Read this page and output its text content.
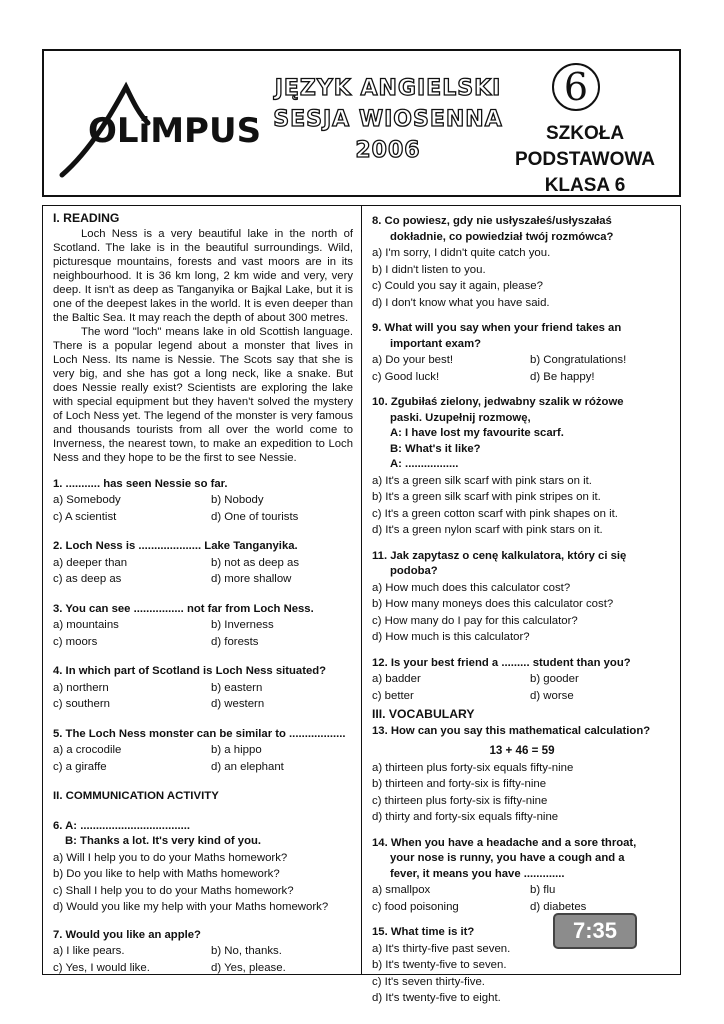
OLiMPUS
JĘZYK ANGIELSKI
SESJA WIOSENNA
2006
6
SZKOŁA
PODSTAWOWA
KLASA 6
I. READING

Loch Ness is a very beautiful lake in the north of Scotland. The lake is in the beautiful surroundings. Wild, picturesque mountains, forests and vast moors are in its neighbourhood. It is 36 km long, 2 km wide and very, very deep. It isn't as deep as Tanganyika or Bajkal Lake, but it is one of the deepest lakes in the world. It is even deeper than the Baltic Sea. It may reach the depth of about 300 metres.

The word "loch" means lake in old Scottish language. There is a popular legend about a monster that lives in Loch Ness. Its name is Nessie. The Scots say that she is very big, and she has got a long neck, like a snake. But does Nessie really exist? Scientists are exploring the lake with special equipment but they haven't solved the mystery of Loch Ness yet. The legend of the monster is very famous and thousands tourists from all over the world come to Inverness, the nearest town, to make an expedition to Loch Ness and they hope to be the first to see Nessie.

1. ........... has seen Nessie so far.
a) Somebody	b) Nobody
c) A scientist	d) One of tourists
2. Loch Ness is .................... Lake Tanganyika.
a) deeper than	b) not as deep as
c) as deep as	d) more shallow
3. You can see ................ not far from Loch Ness.
a) mountains	b) Inverness
c) moors	d) forests
4. In which part of Scotland is Loch Ness situated?
a) northern	b) eastern
c) southern	d) western
5. The Loch Ness monster can be similar to ..................
a) a crocodile	b) a hippo
c) a giraffe	d) an elephant
II. COMMUNICATION ACTIVITY
6. A: ...................................
B: Thanks a lot. It's very kind of you.
a) Will I help you to do your Maths homework?
b) Do you like to help with Maths homework?
c) Shall I help you to do your Maths homework?
d) Would you like my help with your Maths homework?
7. Would you like an apple?
a) I like pears.	b) No, thanks.
c) Yes, I would like.	d) Yes, please.
8. Co powiesz, gdy nie usłyszałeś/usłyszałaś
dokładnie, co powiedział twój rozmówca?
a) I'm sorry, I didn't quite catch you.
b) I didn't listen to you.
c) Could you say it again, please?
d) I don't know what you have said.
9. What will you say when your friend takes an
important exam?
a) Do your best!	b) Congratulations!
c) Good luck!	d) Be happy!
10. Zgubiłaś zielony, jedwabny szalik w różowe
paski. Uzupełnij rozmowę,
A: I have lost my favourite scarf.
B: What's it like?
A: .................
a) It's a green silk scarf with pink stars on it.
b) It's a green silk scarf with pink stripes on it.
c) It's a green cotton scarf with pink shapes on it.
d) It's a green nylon scarf with pink stars on it.
11. Jak zapytasz o cenę kalkulatora, który ci się
podoba?
a) How much does this calculator cost?
b) How many moneys does this calculator cost?
c) How many do I pay for this calculator?
d) How much is this calculator?
12. Is your best friend a ......... student than you?
a) badder	b) gooder
c) better	d) worse
III. VOCABULARY
13. How can you say this mathematical calculation?
13 + 46 = 59
a) thirteen plus forty-six equals fifty-nine
b) thirteen and forty-six is fifty-nine
c) thirteen plus forty-six is fifty-nine
d) thirty and forty-six equals fifty-nine
14. When you have a headache and a sore throat,
your nose is runny, you have a cough and a
fever, it means you have .............
a) smallpox	b) flu
c) food poisoning	d) diabetes
15. What time is it?
a) It's thirty-five past seven.
b) It's twenty-five to seven.
c) It's seven thirty-five.
d) It's twenty-five to eight.
7:35
